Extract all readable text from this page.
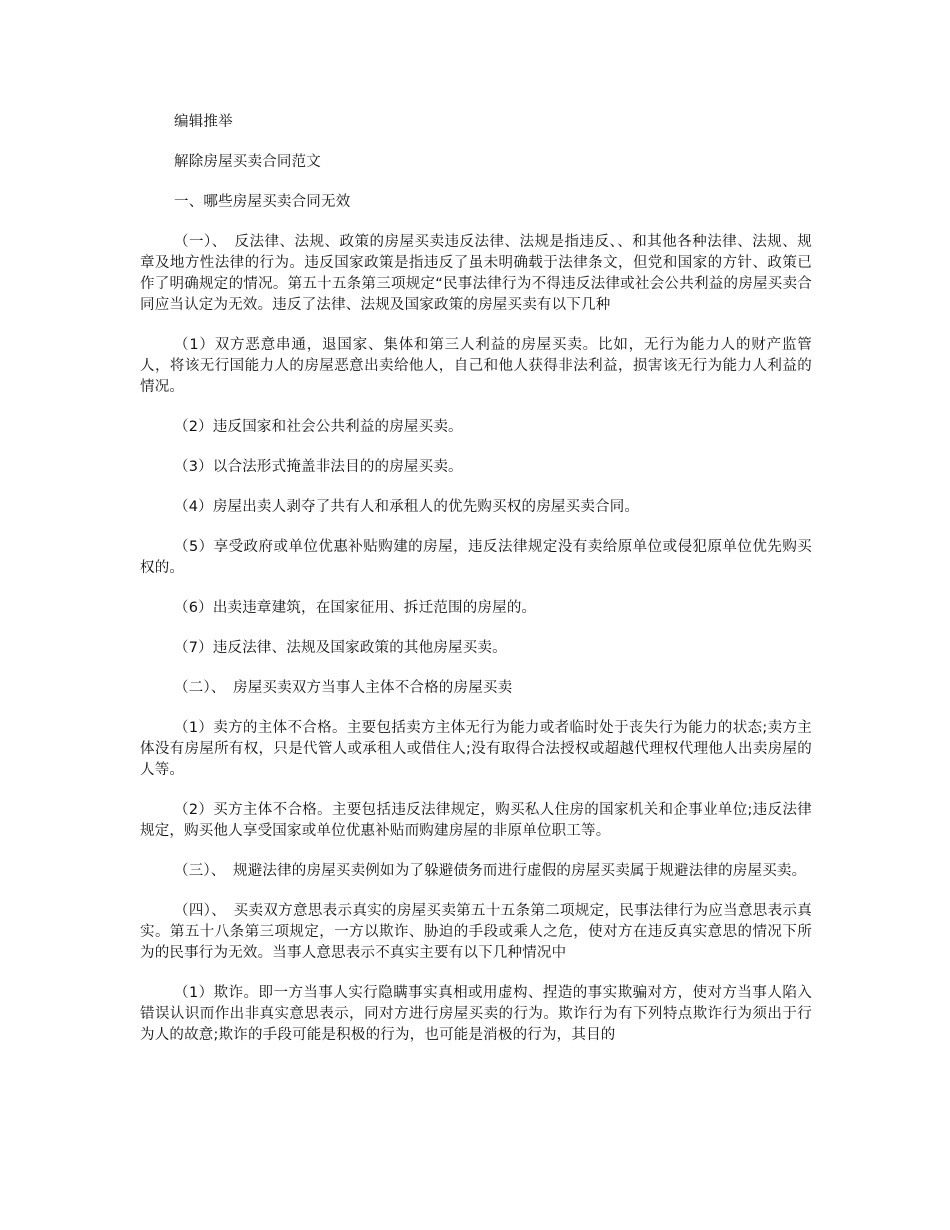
编辑推举

解除房屋买卖合同范文

一、哪些房屋买卖合同无效

（一）、　反法律、法规、政策的房屋买卖违反法律、法规是指违反、、和其他各种法律、法规、规章及地方性法律的行为。违反国家政策是指违反了虽未明确载于法律条文，但党和国家的方针、政策已作了明确规定的情况。第五十五条第三项规定“民事法律行为不得违反法律或社会公共利益的房屋买卖合同应当认定为无效。违反了法律、法规及国家政策的房屋买卖有以下几种

（1）双方恶意串通，退国家、集体和第三人利益的房屋买卖。比如，无行为能力人的财产监管人，将该无行国能力人的房屋恶意出卖给他人，自己和他人获得非法利益，损害该无行为能力人利益的情况。

（2）违反国家和社会公共利益的房屋买卖。

（3）以合法形式掩盖非法目的的房屋买卖。

（4）房屋出卖人剥夺了共有人和承租人的优先购买权的房屋买卖合同。

（5）享受政府或单位优惠补贴购建的房屋，违反法律规定没有卖给原单位或侵犯原单位优先购买权的。

（6）出卖违章建筑，在国家征用、拆迁范围的房屋的。

（7）违反法律、法规及国家政策的其他房屋买卖。

（二）、　房屋买卖双方当事人主体不合格的房屋买卖

（1）卖方的主体不合格。主要包括卖方主体无行为能力或者临时处于丧失行为能力的状态;卖方主体没有房屋所有权，只是代管人或承租人或借住人;没有取得合法授权或超越代理权代理他人出卖房屋的人等。

（2）买方主体不合格。主要包括违反法律规定，购买私人住房的国家机关和企事业单位;违反法律规定，购买他人享受国家或单位优惠补贴而购建房屋的非原单位职工等。

（三）、　规避法律的房屋买卖例如为了躲避债务而进行虚假的房屋买卖属于规避法律的房屋买卖。

（四）、　买卖双方意思表示真实的房屋买卖第五十五条第二项规定，民事法律行为应当意思表示真实。第五十八条第三项规定，一方以欺诈、胁迫的手段或乘人之危，使对方在违反真实意思的情况下所为的民事行为无效。当事人意思表示不真实主要有以下几种情况中

（1）欺诈。即一方当事人实行隐瞒事实真相或用虚构、捏造的事实欺骗对方，使对方当事人陷入错误认识而作出非真实意思表示，同对方进行房屋买卖的行为。欺诈行为有下列特点欺诈行为须出于行为人的故意;欺诈的手段可能是积极的行为，也可能是消极的行为，其目的
